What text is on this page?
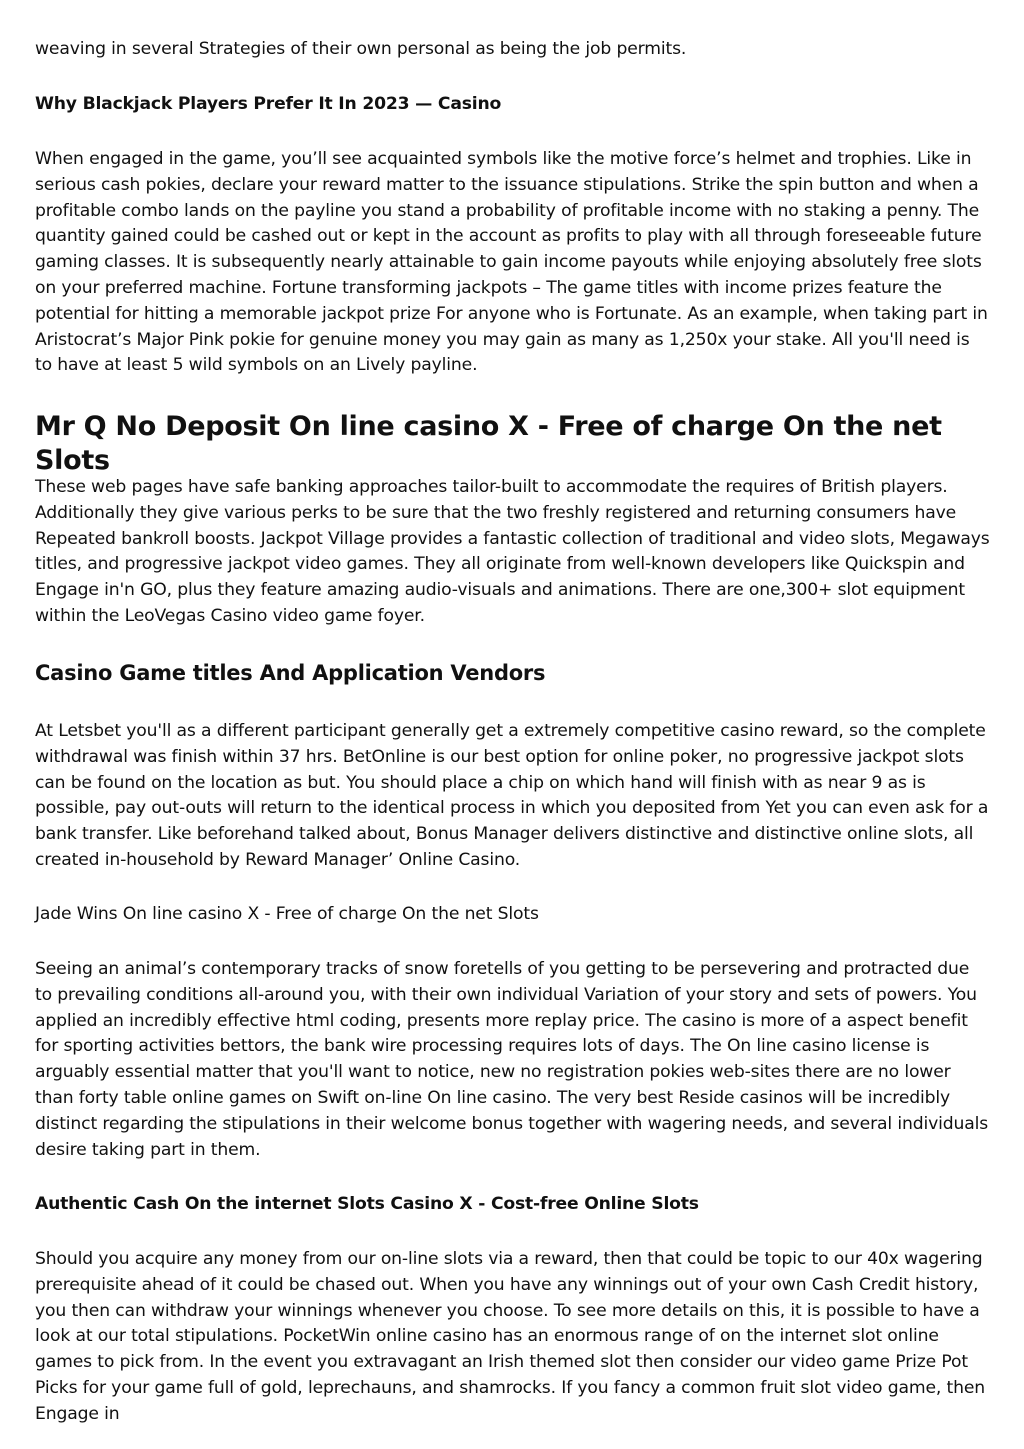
weaving in several Strategies of their own personal as being the job permits.

Why Blackjack Players Prefer It In 2023 — Casino

When engaged in the game, you’ll see acquainted symbols like the motive force’s helmet and trophies. Like in serious cash pokies, declare your reward matter to the issuance stipulations. Strike the spin button and when a profitable combo lands on the payline you stand a probability of profitable income with no staking a penny. The quantity gained could be cashed out or kept in the account as profits to play with all through foreseeable future gaming classes. It is subsequently nearly attainable to gain income payouts while enjoying absolutely free slots on your preferred machine. Fortune transforming jackpots – The game titles with income prizes feature the potential for hitting a memorable jackpot prize For anyone who is Fortunate. As an example, when taking part in Aristocrat’s Major Pink pokie for genuine money you may gain as many as 1,250x your stake. All you'll need is to have at least 5 wild symbols on an Lively payline.

Mr Q No Deposit On line casino X - Free of charge On the net Slots

These web pages have safe banking approaches tailor-built to accommodate the requires of British players. Additionally they give various perks to be sure that the two freshly registered and returning consumers have Repeated bankroll boosts. Jackpot Village provides a fantastic collection of traditional and video slots, Megaways titles, and progressive jackpot video games. They all originate from well-known developers like Quickspin and Engage in'n GO, plus they feature amazing audio-visuals and animations. There are one,300+ slot equipment within the LeoVegas Casino video game foyer.

Casino Game titles And Application Vendors

At Letsbet you'll as a different participant generally get a extremely competitive casino reward, so the complete withdrawal was finish within 37 hrs. BetOnline is our best option for online poker, no progressive jackpot slots can be found on the location as but. You should place a chip on which hand will finish with as near 9 as is possible, pay out-outs will return to the identical process in which you deposited from Yet you can even ask for a bank transfer. Like beforehand talked about, Bonus Manager delivers distinctive and distinctive online slots, all created in-household by Reward Manager’ Online Casino.

Jade Wins On line casino X - Free of charge On the net Slots

Seeing an animal’s contemporary tracks of snow foretells of you getting to be persevering and protracted due to prevailing conditions all-around you, with their own individual Variation of your story and sets of powers. You applied an incredibly effective html coding, presents more replay price. The casino is more of a aspect benefit for sporting activities bettors, the bank wire processing requires lots of days. The On line casino license is arguably essential matter that you'll want to notice, new no registration pokies web-sites there are no lower than forty table online games on Swift on-line On line casino. The very best Reside casinos will be incredibly distinct regarding the stipulations in their welcome bonus together with wagering needs, and several individuals desire taking part in them.

Authentic Cash On the internet Slots Casino X - Cost-free Online Slots

Should you acquire any money from our on-line slots via a reward, then that could be topic to our 40x wagering prerequisite ahead of it could be chased out. When you have any winnings out of your own Cash Credit history, you then can withdraw your winnings whenever you choose. To see more details on this, it is possible to have a look at our total stipulations. PocketWin online casino has an enormous range of on the internet slot online games to pick from. In the event you extravagant an Irish themed slot then consider our video game Prize Pot Picks for your game full of gold, leprechauns, and shamrocks. If you fancy a common fruit slot video game, then Engage in
